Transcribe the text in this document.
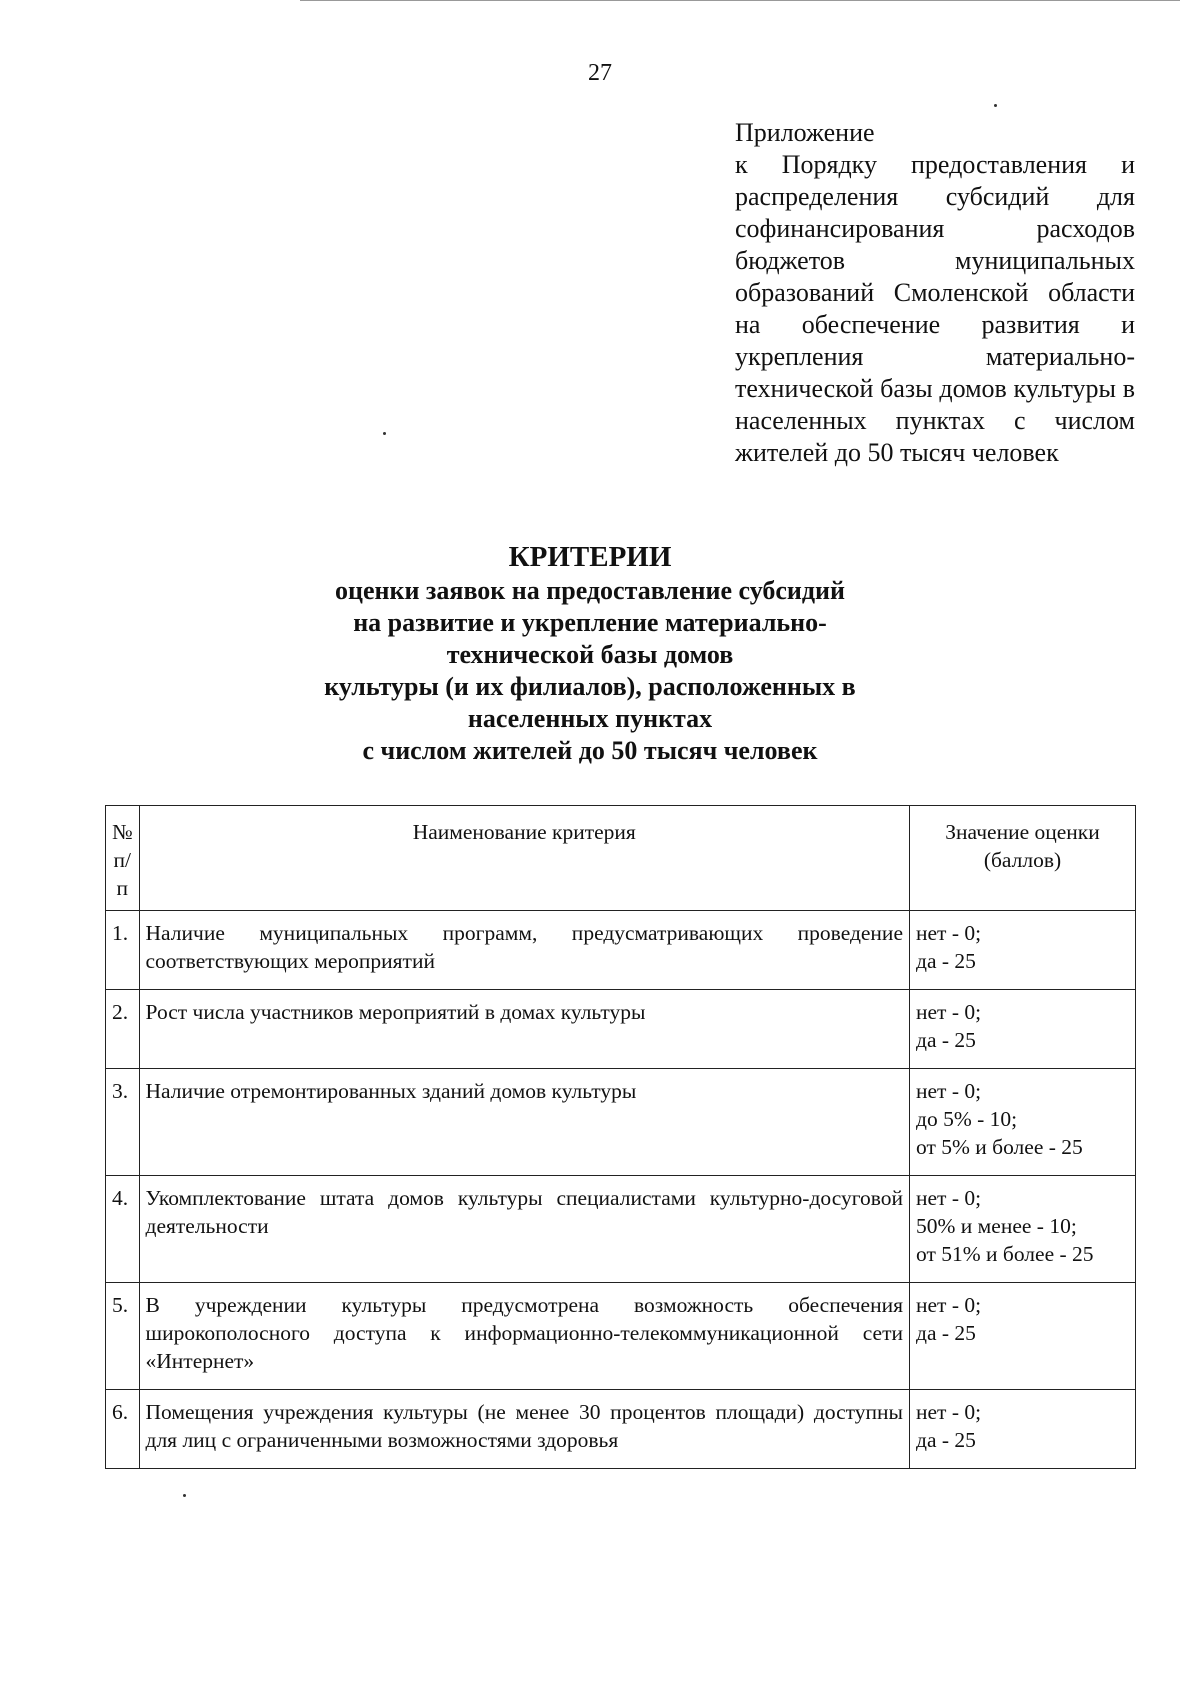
27
Приложение
к Порядку предоставления и распределения субсидий для софинансирования расходов бюджетов муниципальных образований Смоленской области на обеспечение развития и укрепления материально-технической базы домов культуры в населенных пунктах с числом жителей до 50 тысяч человек
КРИТЕРИИ
оценки заявок на предоставление субсидий
на развитие и укрепление материально-
технической базы домов
культуры (и их филиалов), расположенных в
населенных пунктах
с числом жителей до 50 тысяч человек
№ п/п	Наименование критерия	Значение оценки (баллов)
1.	Наличие муниципальных программ, предусматривающих проведение соответствующих мероприятий	нет - 0;
да - 25
2.	Рост числа участников мероприятий в домах культуры	нет - 0;
да - 25
3.	Наличие отремонтированных зданий домов культуры	нет - 0;
до 5% - 10;
от 5% и более - 25
4.	Укомплектование штата домов культуры специалистами культурно-досуговой деятельности	нет - 0;
50% и менее - 10;
от 51% и более - 25
5.	В учреждении культуры предусмотрена возможность обеспечения широкополосного доступа к информационно-телекоммуникационной сети «Интернет»	нет - 0;
да - 25
6.	Помещения учреждения культуры (не менее 30 процентов площади) доступны для лиц с ограниченными возможностями здоровья	нет - 0;
да - 25
